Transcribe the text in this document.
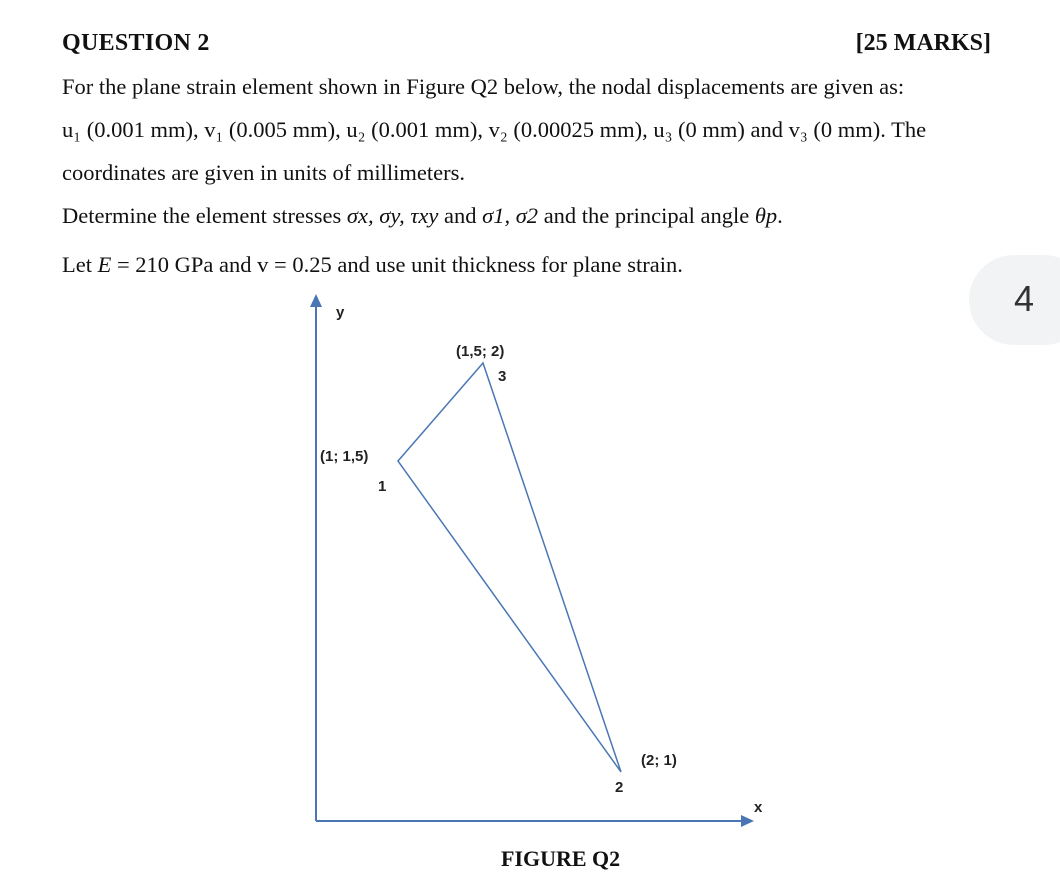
QUESTION 2	[25 MARKS]
For the plane strain element shown in Figure Q2 below, the nodal displacements are given as:
u₁ (0.001 mm), v₁ (0.005 mm), u₂ (0.001 mm), v₂ (0.00025 mm), u₃ (0 mm) and v₃ (0 mm). The
coordinates are given in units of millimeters.
Determine the element stresses σx, σy, τxy and σ1, σ2 and the principal angle θp.
Let E = 210 GPa and v = 0.25 and use unit thickness for plane strain.
4
y
x
(1,5; 2)
3
(1; 1,5)
1
(2; 1)
2
FIGURE Q2
